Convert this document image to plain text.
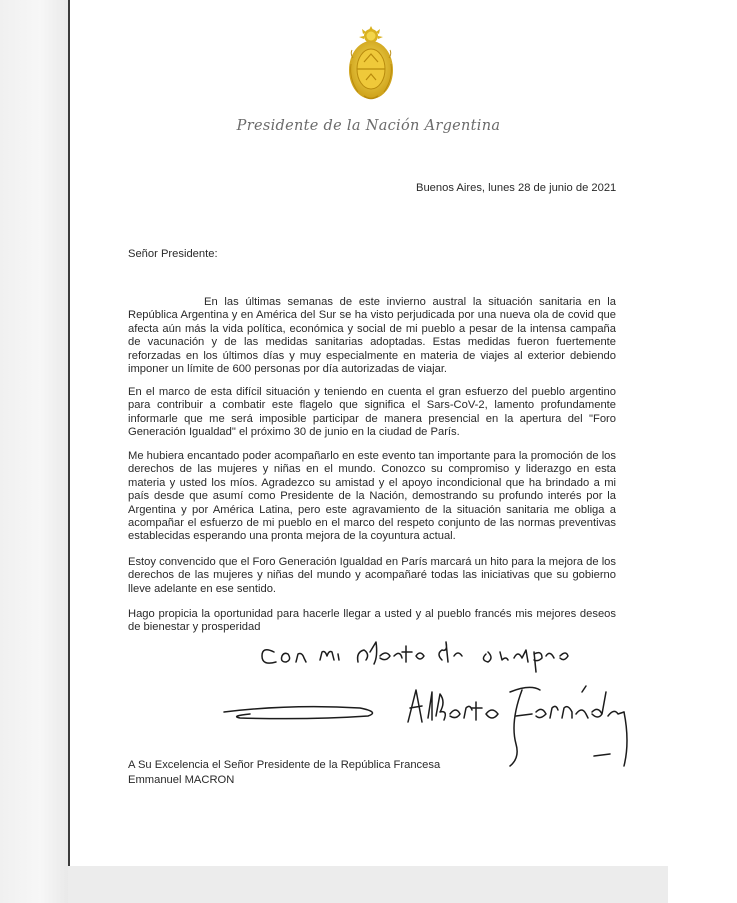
Presidente de la Nación Argentina
Buenos Aires, lunes 28 de junio de 2021
Señor Presidente:
En las últimas semanas de este invierno austral la situación sanitaria en la República Argentina y en América del Sur se ha visto perjudicada por una nueva ola de covid que afecta aún más la vida política, económica y social de mi pueblo a pesar de la intensa campaña de vacunación y de las medidas sanitarias adoptadas. Estas medidas fueron fuertemente reforzadas en los últimos días y muy especialmente en materia de viajes al exterior debiendo imponer un límite de 600 personas por día autorizadas de viajar.
En el marco de esta difícil situación y teniendo en cuenta el gran esfuerzo del pueblo argentino para contribuir a combatir este flagelo que significa el Sars-CoV-2, lamento profundamente informarle que me será imposible participar de manera presencial en la apertura del "Foro Generación Igualdad" el próximo 30 de junio en la ciudad de París.
Me hubiera encantado poder acompañarlo en este evento tan importante para la promoción de los derechos de las mujeres y niñas en el mundo. Conozco su compromiso y liderazgo en esta materia y usted los míos. Agradezco su amistad y el apoyo incondicional que ha brindado a mi país desde que asumí como Presidente de la Nación, demostrando su profundo interés por la Argentina y por América Latina, pero este agravamiento de la situación sanitaria me obliga a acompañar el esfuerzo de mi pueblo en el marco del respeto conjunto de las normas preventivas establecidas esperando una pronta mejora de la coyuntura actual.
Estoy convencido que el Foro Generación Igualdad en París marcará un hito para la mejora de los derechos de las mujeres y niñas del mundo y acompañaré todas las iniciativas que su gobierno lleve adelante en ese sentido.
Hago propicia la oportunidad para hacerle llegar a usted y al pueblo francés mis mejores deseos de bienestar y prosperidad
A Su Excelencia el Señor Presidente de la República Francesa
Emmanuel MACRON
